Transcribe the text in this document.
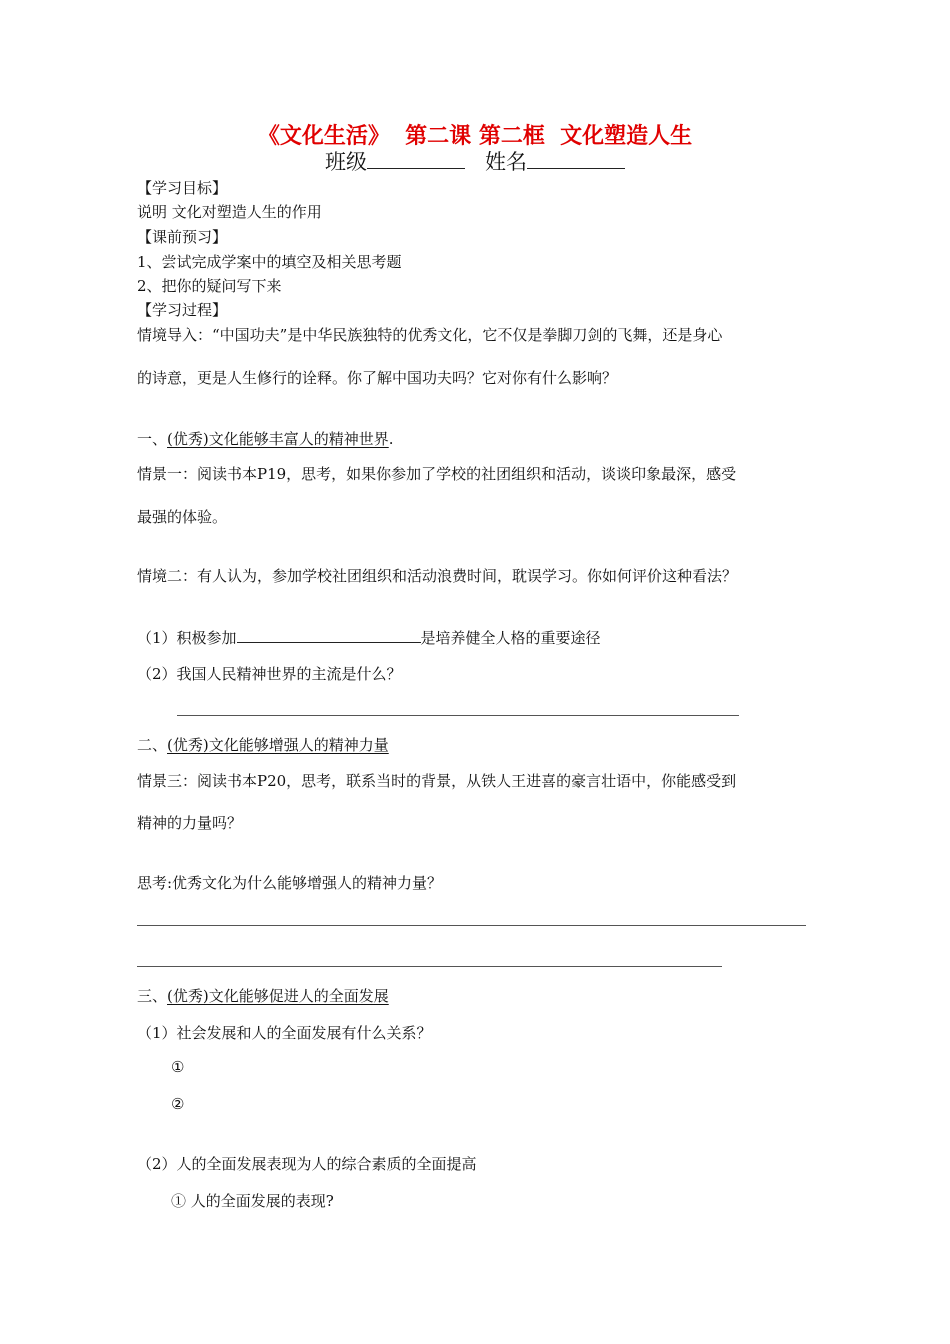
《文化生活》  第二课 第二框  文化塑造人生
班级	姓名
【学习目标】
说明 文化对塑造人生的作用
【课前预习】
1、尝试完成学案中的填空及相关思考题
2、把你的疑问写下来
【学习过程】
情境导入：“中国功夫”是中华民族独特的优秀文化，它不仅是拳脚刀剑的飞舞，还是身心
的诗意，更是人生修行的诠释。你了解中国功夫吗？它对你有什么影响？
一、(优秀)文化能够丰富人的精神世界.
情景一：阅读书本P19，思考，如果你参加了学校的社团组织和活动，谈谈印象最深，感受
最强的体验。
情境二：有人认为，参加学校社团组织和活动浪费时间，耽误学习。你如何评价这种看法？
（1）积极参加	是培养健全人格的重要途径
（2）我国人民精神世界的主流是什么？
二、(优秀)文化能够增强人的精神力量
情景三：阅读书本P20，思考，联系当时的背景，从铁人王进喜的豪言壮语中，你能感受到
精神的力量吗？
思考:优秀文化为什么能够增强人的精神力量？
三、(优秀)文化能够促进人的全面发展
（1）社会发展和人的全面发展有什么关系？
①
②
（2）人的全面发展表现为人的综合素质的全面提高
① 人的全面发展的表现?
